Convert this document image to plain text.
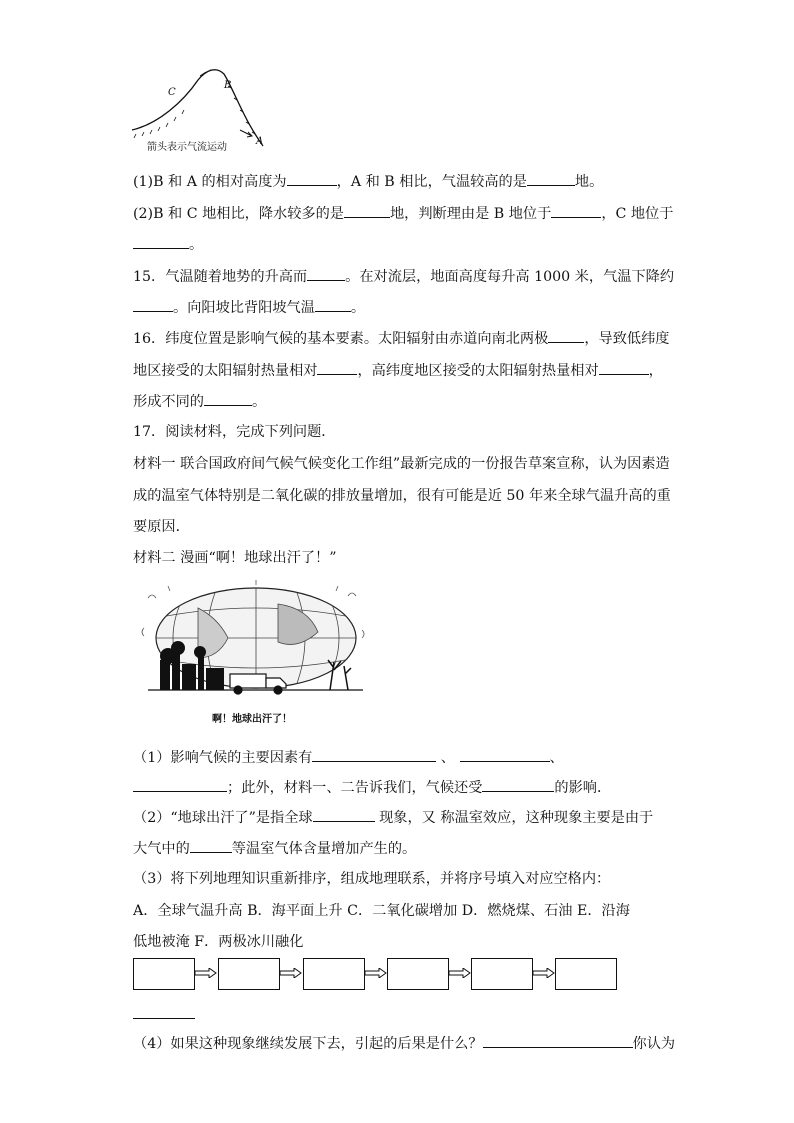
A
B
C
箭头表示气流运动
(1)B 和 A 的相对高度为	，A 和 B 相比，气温较高的是	地。
(2)B 和 C 地相比，降水较多的是	地，判断理由是 B 地位于	，C 地位于
。
15．气温随着地势的升高而	。在对流层，地面高度每升高 1000 米，气温下降约
。向阳坡比背阳坡气温	。
16．纬度位置是影响气候的基本要素。太阳辐射由赤道向南北两极	，导致低纬度
地区接受的太阳辐射热量相对	，高纬度地区接受的太阳辐射热量相对	，
形成不同的	。
17．阅读材料，完成下列问题．
材料一 联合国政府间气候气候变化工作组”最新完成的一份报告草案宣称，认为因素造
成的温室气体特别是二氧化碳的排放量增加，很有可能是近 50 年来全球气温升高的重
要原因．
材料二 漫画“啊！地球出汗了！”
啊！地球出汗了！
（1）影响气候的主要因素有	、	、
；此外，材料一、二告诉我们，气候还受	的影响．
（2）“地球出汗了”是指全球	现象，又 称温室效应，这种现象主要是由于
大气中的	等温室气体含量增加产生的。
（3）将下列地理知识重新排序，组成地理联系，并将序号填入对应空格内：
A．全球气温升高 B．海平面上升 C．二氧化碳增加 D．燃烧煤、石油 E．沿海
低地被淹 F．两极冰川融化
（4）如果这种现象继续发展下去，引起的后果是什么？	你认为
